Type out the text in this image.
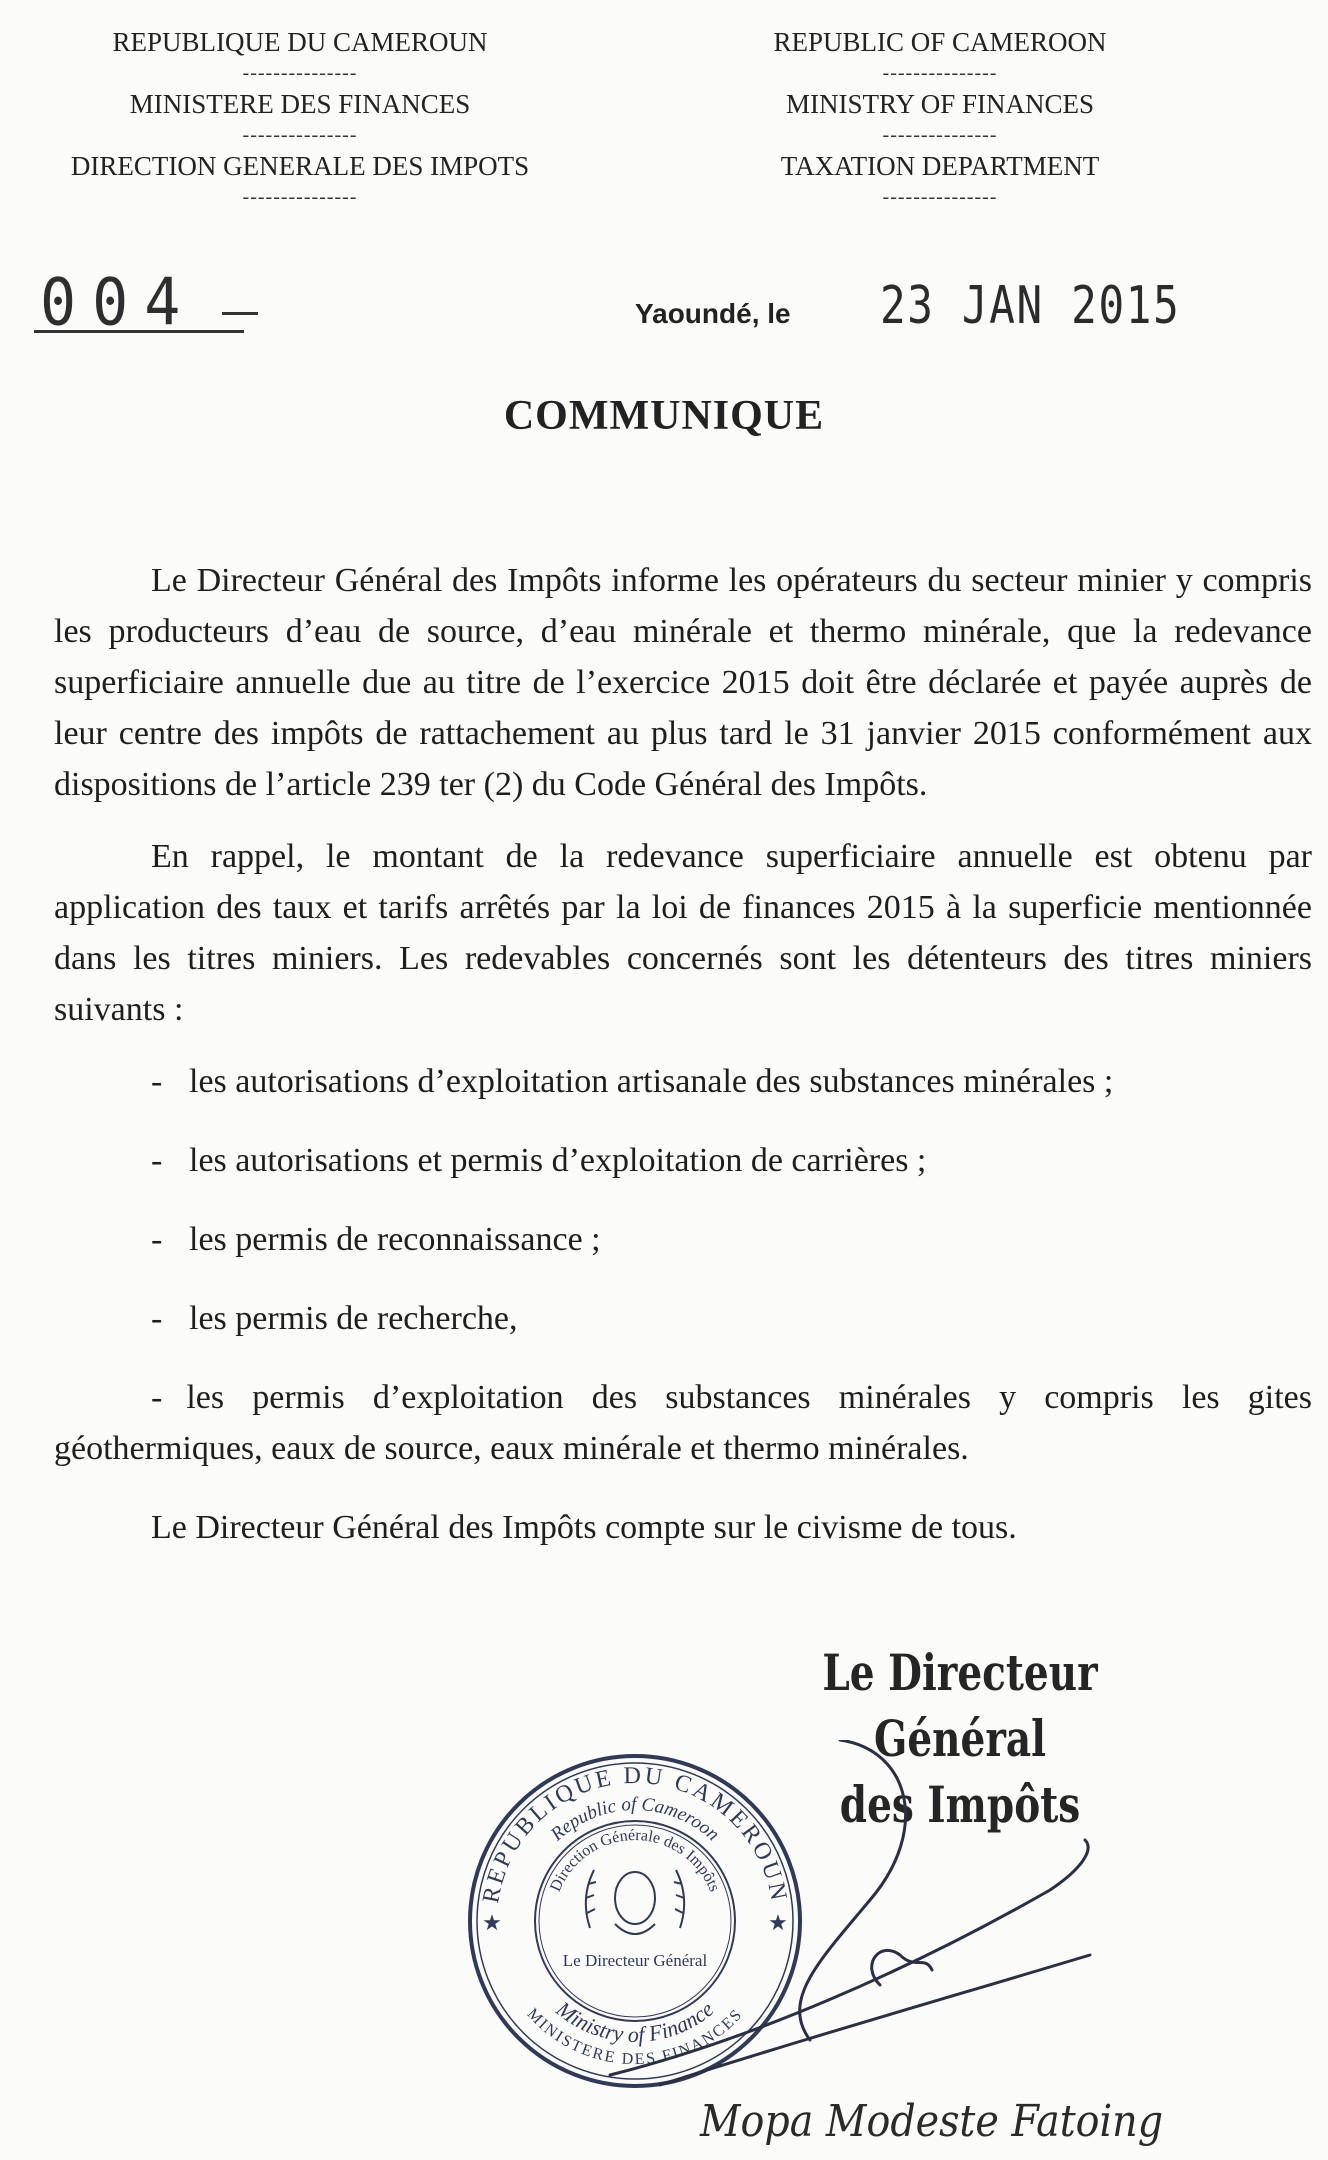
REPUBLIQUE DU CAMEROUN
---------------
MINISTERE DES FINANCES
---------------
DIRECTION GENERALE DES IMPOTS
---------------
REPUBLIC OF CAMEROON
---------------
MINISTRY OF FINANCES
---------------
TAXATION DEPARTMENT
---------------
004	Yaoundé, le 23 JAN 2015
COMMUNIQUE

Le Directeur Général des Impôts informe les opérateurs du secteur minier y compris les producteurs d’eau de source, d’eau minérale et thermo minérale, que la redevance superficiaire annuelle due au titre de l’exercice 2015 doit être déclarée et payée auprès de leur centre des impôts de rattachement au plus tard le 31 janvier 2015 conformément aux dispositions de l’article 239 ter (2) du Code Général des Impôts.

En rappel, le montant de la redevance superficiaire annuelle est obtenu par application des taux et tarifs arrêtés par la loi de finances 2015 à la superficie mentionnée dans les titres miniers. Les redevables concernés sont les détenteurs des titres miniers suivants :

- les autorisations d’exploitation artisanale des substances minérales ;
- les autorisations et permis d’exploitation de carrières ;
- les permis de reconnaissance ;
- les permis de recherche,
- les permis d’exploitation des substances minérales y compris les gites géothermiques, eaux de source, eaux minérale et thermo minérales.

Le Directeur Général des Impôts compte sur le civisme de tous.

Le Directeur Général
des Impôts
REPUBLIQUE DU CAMEROUN
Republic of Cameroon
Direction Générale des Impôts
Ministry of Finance
MINISTERE DES FINANCES
Le Directeur Général
★	★
Mopa Modeste Fatoing
